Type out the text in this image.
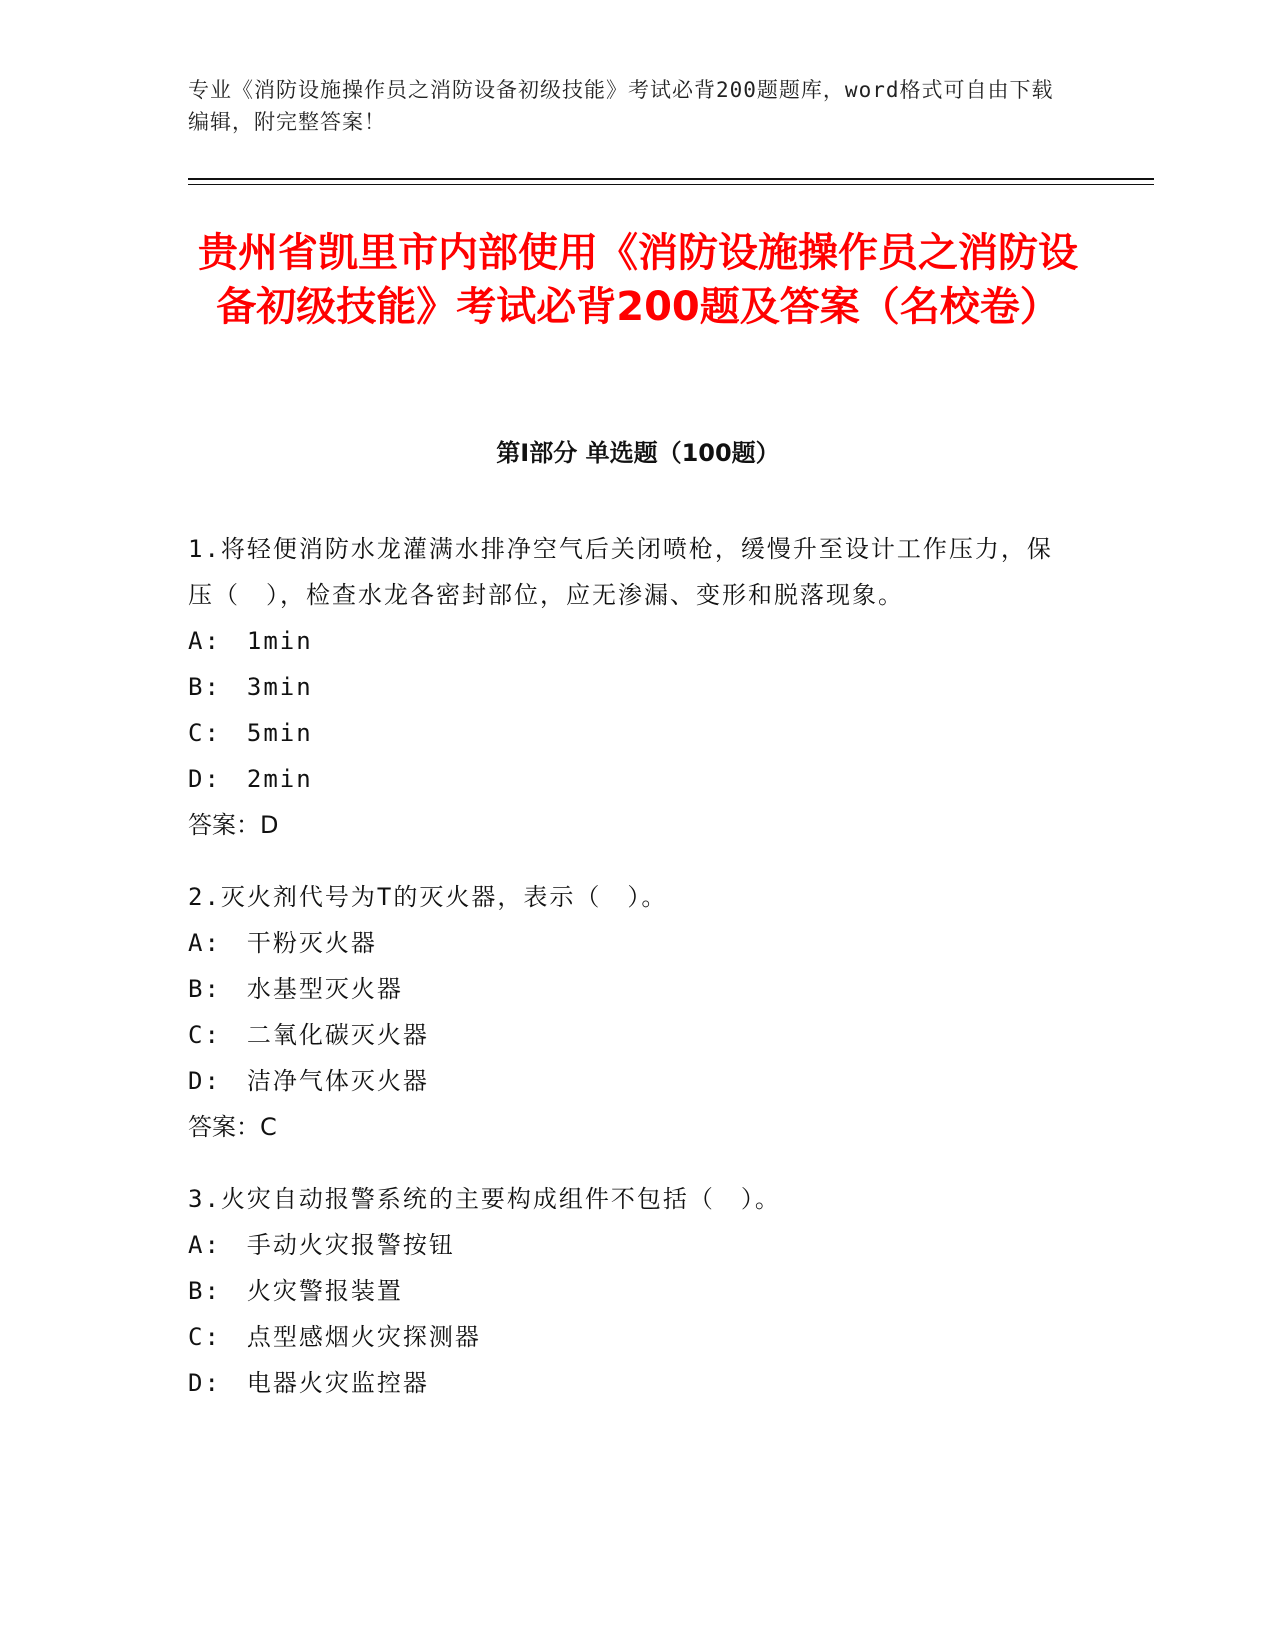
专业《消防设施操作员之消防设备初级技能》考试必背200题题库，word格式可自由下载编辑，附完整答案！
贵州省凯里市内部使用《消防设施操作员之消防设备初级技能》考试必背200题及答案（名校卷）
第Ⅰ部分 单选题（100题）
1.将轻便消防水龙灌满水排净空气后关闭喷枪，缓慢升至设计工作压力，保压（　），检查水龙各密封部位，应无渗漏、变形和脱落现象。
A:　1min
B:　3min
C:　5min
D:　2min
答案：D
2.灭火剂代号为T的灭火器，表示（　）。
A:　干粉灭火器
B:　水基型灭火器
C:　二氧化碳灭火器
D:　洁净气体灭火器
答案：C
3.火灾自动报警系统的主要构成组件不包括（　）。
A:　手动火灾报警按钮
B:　火灾警报装置
C:　点型感烟火灾探测器
D:　电器火灾监控器
